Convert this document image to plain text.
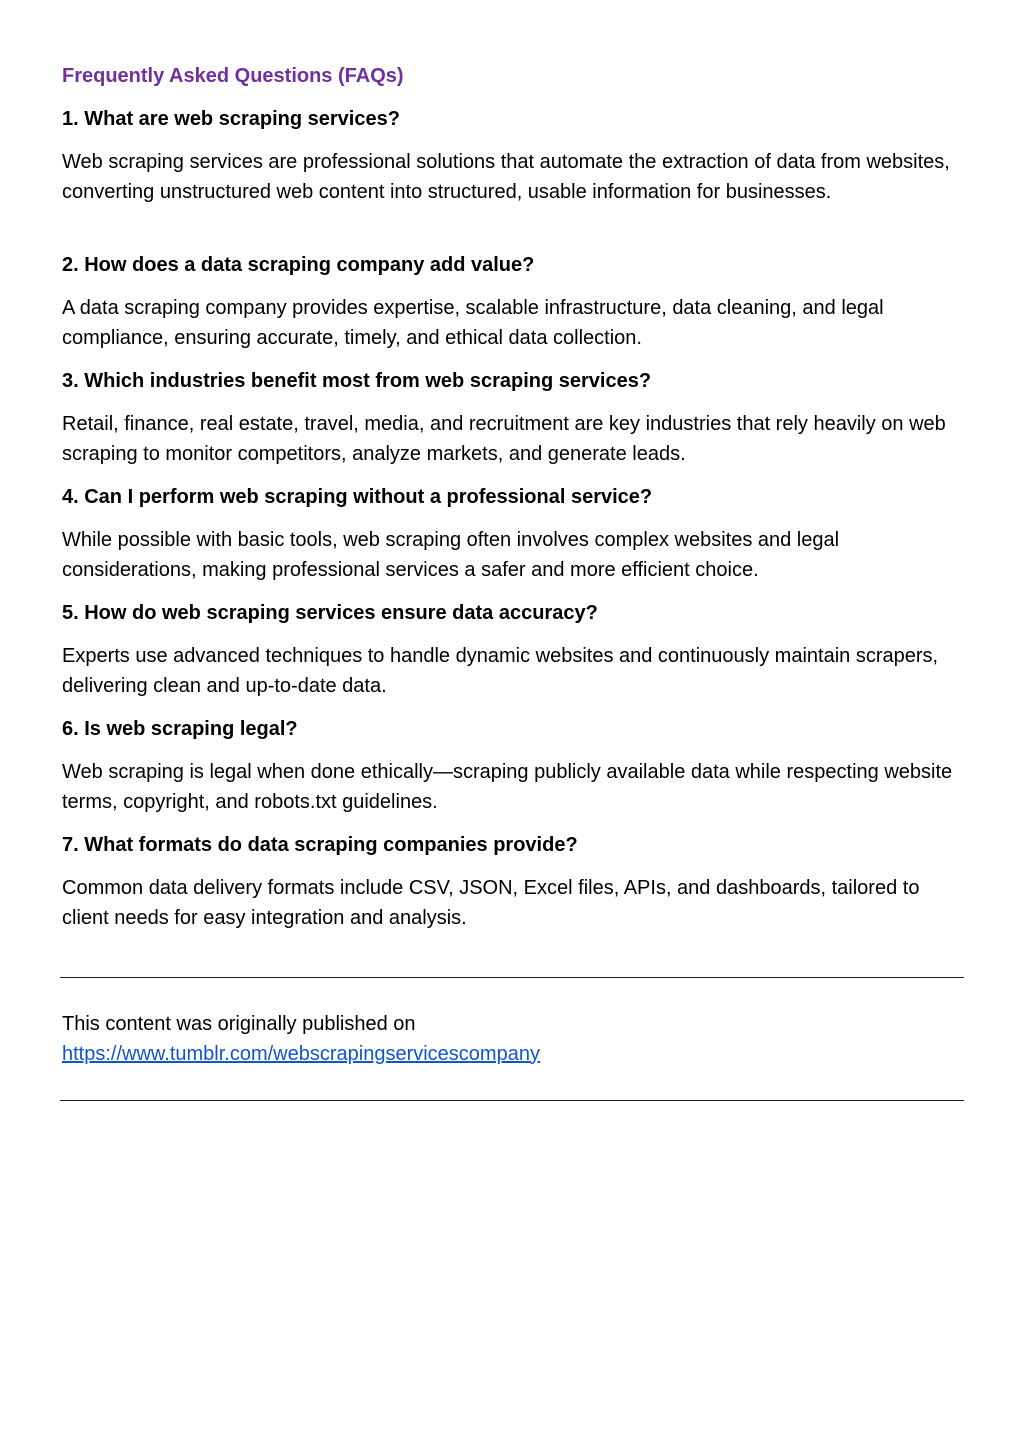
Frequently Asked Questions (FAQs)

1. What are web scraping services?

Web scraping services are professional solutions that automate the extraction of data from websites, converting unstructured web content into structured, usable information for businesses.

2. How does a data scraping company add value?

A data scraping company provides expertise, scalable infrastructure, data cleaning, and legal compliance, ensuring accurate, timely, and ethical data collection.

3. Which industries benefit most from web scraping services?

Retail, finance, real estate, travel, media, and recruitment are key industries that rely heavily on web scraping to monitor competitors, analyze markets, and generate leads.

4. Can I perform web scraping without a professional service?

While possible with basic tools, web scraping often involves complex websites and legal considerations, making professional services a safer and more efficient choice.

5. How do web scraping services ensure data accuracy?

Experts use advanced techniques to handle dynamic websites and continuously maintain scrapers, delivering clean and up-to-date data.

6. Is web scraping legal?

Web scraping is legal when done ethically—scraping publicly available data while respecting website terms, copyright, and robots.txt guidelines.

7. What formats do data scraping companies provide?

Common data delivery formats include CSV, JSON, Excel files, APIs, and dashboards, tailored to client needs for easy integration and analysis.

This content was originally published on

https://www.tumblr.com/webscrapingservicescompany
